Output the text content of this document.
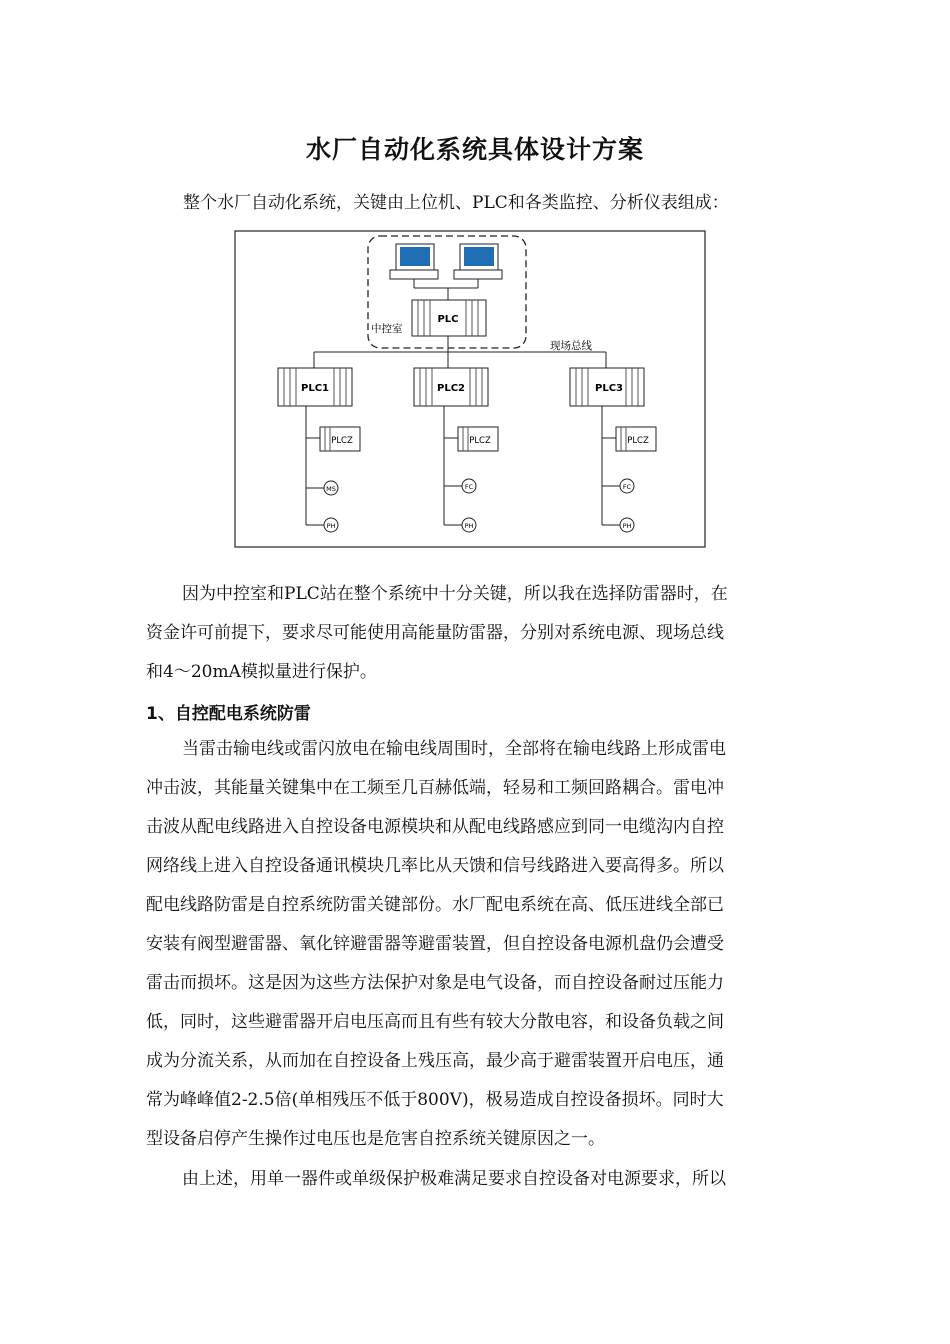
水厂自动化系统具体设计方案
整个水厂自动化系统，关键由上位机、PLC和各类监控、分析仪表组成：
PLC
中控室
现场总线
PLC1
PLCZ
MS
PH
PLC2
PLCZ
FC
PH
PLC3
PLCZ
FC
PH
因为中控室和PLC站在整个系统中十分关键，所以我在选择防雷器时，在
资金许可前提下，要求尽可能使用高能量防雷器，分别对系统电源、现场总线
和4～20mA模拟量进行保护。
1、自控配电系统防雷
当雷击输电线或雷闪放电在输电线周围时，全部将在输电线路上形成雷电
冲击波，其能量关键集中在工频至几百赫低端，轻易和工频回路耦合。雷电冲
击波从配电线路进入自控设备电源模块和从配电线路感应到同一电缆沟内自控
网络线上进入自控设备通讯模块几率比从天馈和信号线路进入要高得多。所以
配电线路防雷是自控系统防雷关键部份。水厂配电系统在高、低压进线全部已
安装有阀型避雷器、氧化锌避雷器等避雷装置，但自控设备电源机盘仍会遭受
雷击而损坏。这是因为这些方法保护对象是电气设备，而自控设备耐过压能力
低，同时，这些避雷器开启电压高而且有些有较大分散电容，和设备负载之间
成为分流关系，从而加在自控设备上残压高，最少高于避雷装置开启电压，通
常为峰峰值2-2.5倍(单相残压不低于800V)，极易造成自控设备损坏。同时大
型设备启停产生操作过电压也是危害自控系统关键原因之一。
由上述，用单一器件或单级保护极难满足要求自控设备对电源要求，所以
